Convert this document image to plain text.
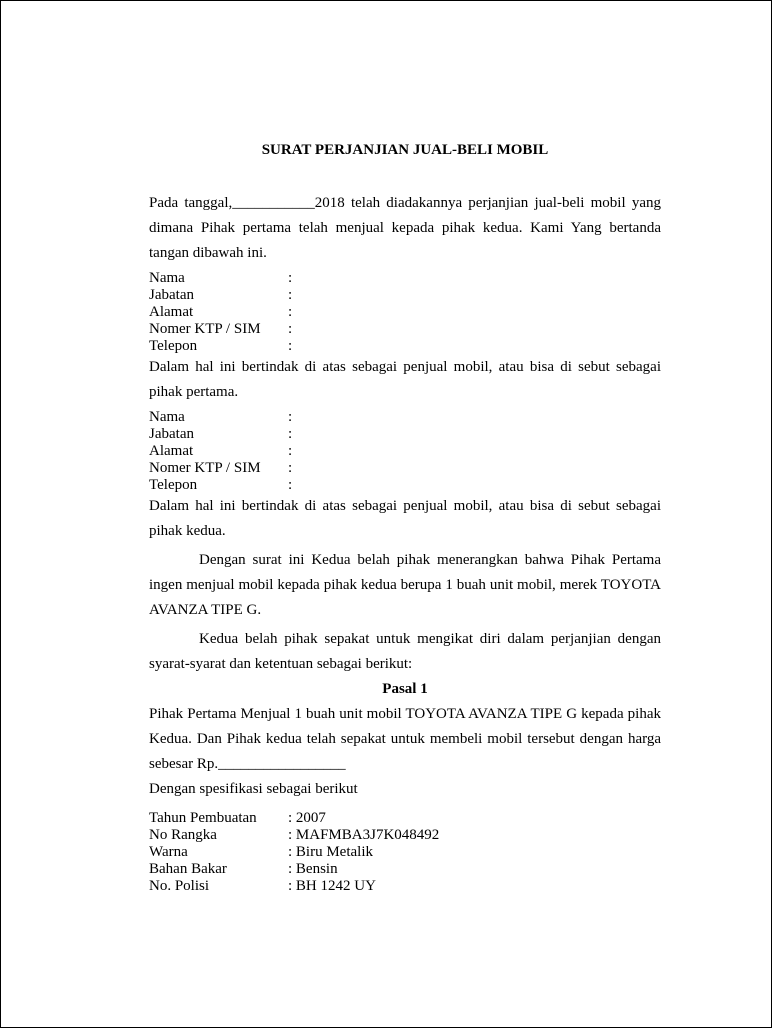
SURAT PERJANJIAN JUAL-BELI MOBIL

Pada tanggal,___________2018 telah diadakannya perjanjian jual-beli mobil yang dimana Pihak pertama telah menjual kepada pihak kedua. Kami Yang bertanda tangan dibawah ini.

Nama	:
Jabatan	:
Alamat	:
Nomer KTP / SIM	:
Telepon	:

Dalam hal ini bertindak di atas sebagai penjual mobil, atau bisa di sebut sebagai pihak pertama.

Nama	:
Jabatan	:
Alamat	:
Nomer KTP / SIM	:
Telepon	:

Dalam hal ini bertindak di atas sebagai penjual mobil, atau bisa di sebut sebagai pihak kedua.

Dengan surat ini Kedua belah pihak menerangkan bahwa Pihak Pertama ingen menjual mobil kepada pihak kedua berupa 1 buah unit mobil, merek TOYOTA AVANZA TIPE G.

Kedua belah pihak sepakat untuk mengikat diri dalam perjanjian dengan syarat-syarat dan ketentuan sebagai berikut:

Pasal 1

Pihak Pertama Menjual 1 buah unit mobil TOYOTA AVANZA TIPE G kepada pihak Kedua. Dan Pihak kedua telah sepakat untuk membeli mobil tersebut dengan harga sebesar Rp._________________

Dengan spesifikasi sebagai berikut

Tahun Pembuatan	: 2007
No Rangka	: MAFMBA3J7K048492
Warna	: Biru Metalik
Bahan Bakar	: Bensin
No. Polisi	: BH 1242 UY
